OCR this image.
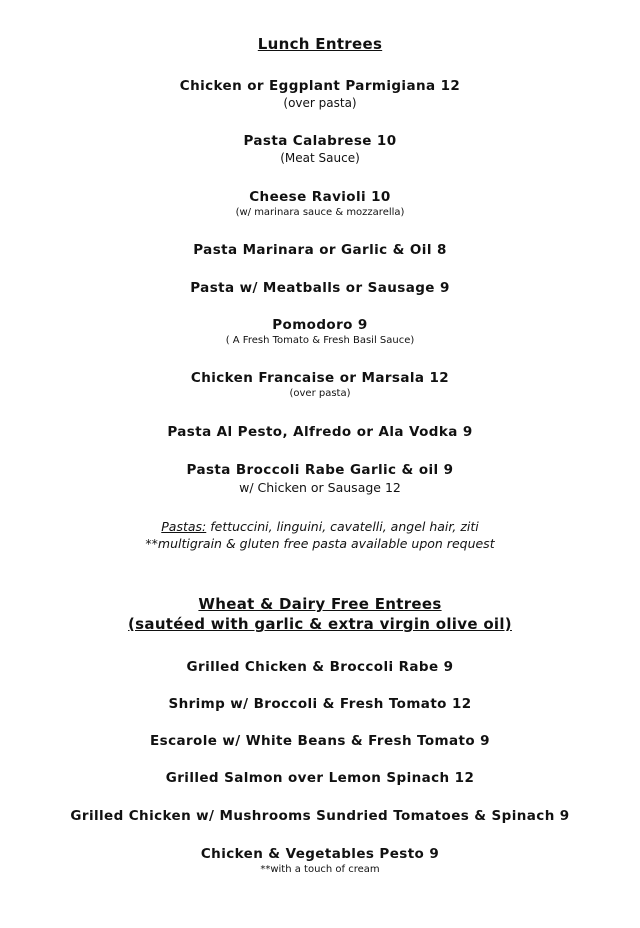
Lunch Entrees

Chicken or Eggplant Parmigiana 12

(over pasta)

Pasta Calabrese 10

(Meat Sauce)

Cheese Ravioli 10

(w/ marinara sauce & mozzarella)

Pasta Marinara or Garlic & Oil 8

Pasta w/ Meatballs or Sausage 9

Pomodoro 9

( A Fresh Tomato & Fresh Basil Sauce)

Chicken Francaise or Marsala 12

(over pasta)

Pasta Al Pesto, Alfredo or Ala Vodka 9

Pasta Broccoli Rabe Garlic & oil 9

w/ Chicken or Sausage 12

Pastas: fettuccini, linguini, cavatelli, angel hair, ziti

**multigrain & gluten free pasta available upon request

Wheat & Dairy Free Entrees

(sautéed with garlic & extra virgin olive oil)

Grilled Chicken & Broccoli Rabe 9

Shrimp w/ Broccoli & Fresh Tomato 12

Escarole w/ White Beans & Fresh Tomato 9

Grilled Salmon over Lemon Spinach 12

Grilled Chicken w/ Mushrooms Sundried Tomatoes & Spinach 9

Chicken & Vegetables Pesto 9

**with a touch of cream
